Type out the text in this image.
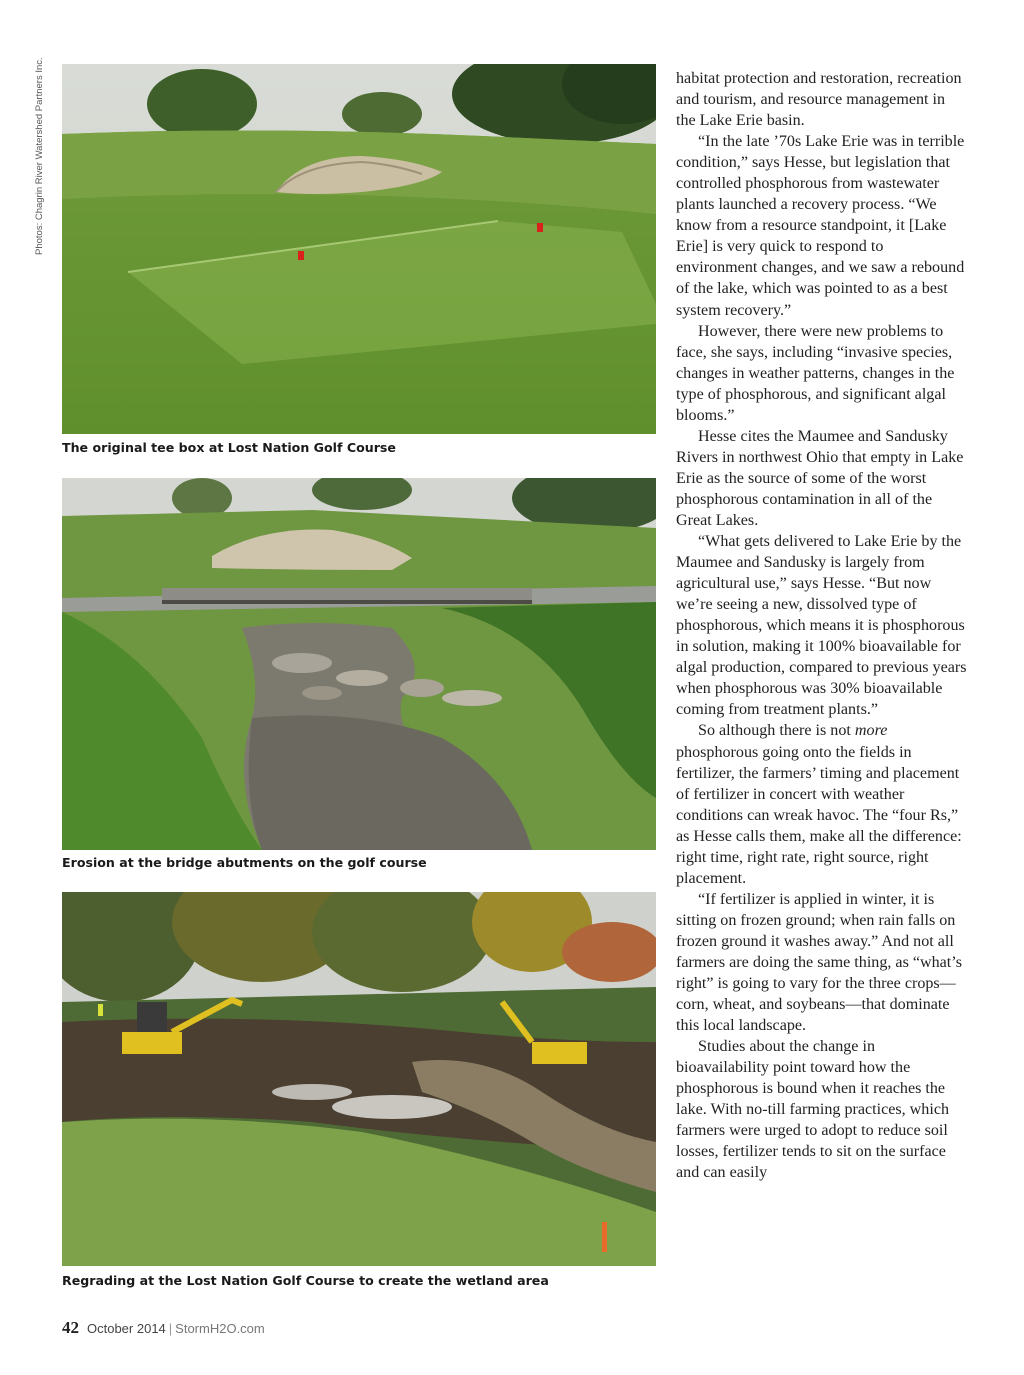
Photos: Chagrin River Watershed Partners Inc.
The original tee box at Lost Nation Golf Course
Erosion at the bridge abutments on the golf course
Regrading at the Lost Nation Golf Course to create the wetland area

habitat protection and restoration, recreation and tourism, and resource management in the Lake Erie basin.

“In the late ’70s Lake Erie was in terrible condition,” says Hesse, but legislation that controlled phosphorous from wastewater plants launched a recovery process. “We know from a resource standpoint, it [Lake Erie] is very quick to respond to environment changes, and we saw a rebound of the lake, which was pointed to as a best system recovery.”

However, there were new problems to face, she says, including “invasive species, changes in weather patterns, changes in the type of phosphorous, and significant algal blooms.”

Hesse cites the Maumee and Sandusky Rivers in northwest Ohio that empty in Lake Erie as the source of some of the worst phosphorous contamination in all of the Great Lakes.

“What gets delivered to Lake Erie by the Maumee and Sandusky is largely from agricultural use,” says Hesse. “But now we’re seeing a new, dissolved type of phosphorous, which means it is phosphorous in solution, making it 100% bioavailable for algal production, compared to previous years when phosphorous was 30% bioavailable coming from treatment plants.”

So although there is not more phosphorous going onto the fields in fertilizer, the farmers’ timing and placement of fertilizer in concert with weather conditions can wreak havoc. The “four Rs,” as Hesse calls them, make all the difference: right time, right rate, right source, right placement.

“If fertilizer is applied in winter, it is sitting on frozen ground; when rain falls on frozen ground it washes away.” And not all farmers are doing the same thing, as “what’s right” is going to vary for the three crops—corn, wheat, and soybeans—that dominate this local landscape.

Studies about the change in bioavailability point toward how the phosphorous is bound when it reaches the lake. With no-till farming practices, which farmers were urged to adopt to reduce soil losses, fertilizer tends to sit on the surface and can easily

42 October 2014 | StormH2O.com
